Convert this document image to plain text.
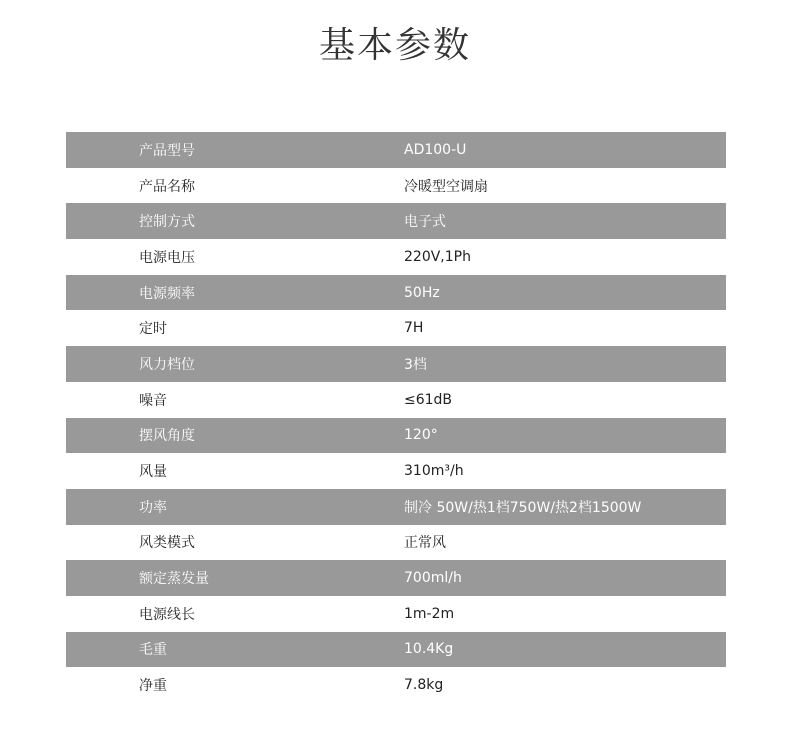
基本参数
产品型号	AD100-U
产品名称	冷暖型空调扇
控制方式	电子式
电源电压	220V,1Ph
电源频率	50Hz
定时	7H
风力档位	3档
噪音	≤61dB
摆风角度	120°
风量	310m³/h
功率	制冷 50W/热1档750W/热2档1500W
风类模式	正常风
额定蒸发量	700ml/h
电源线长	1m-2m
毛重	10.4Kg
净重	7.8kg
